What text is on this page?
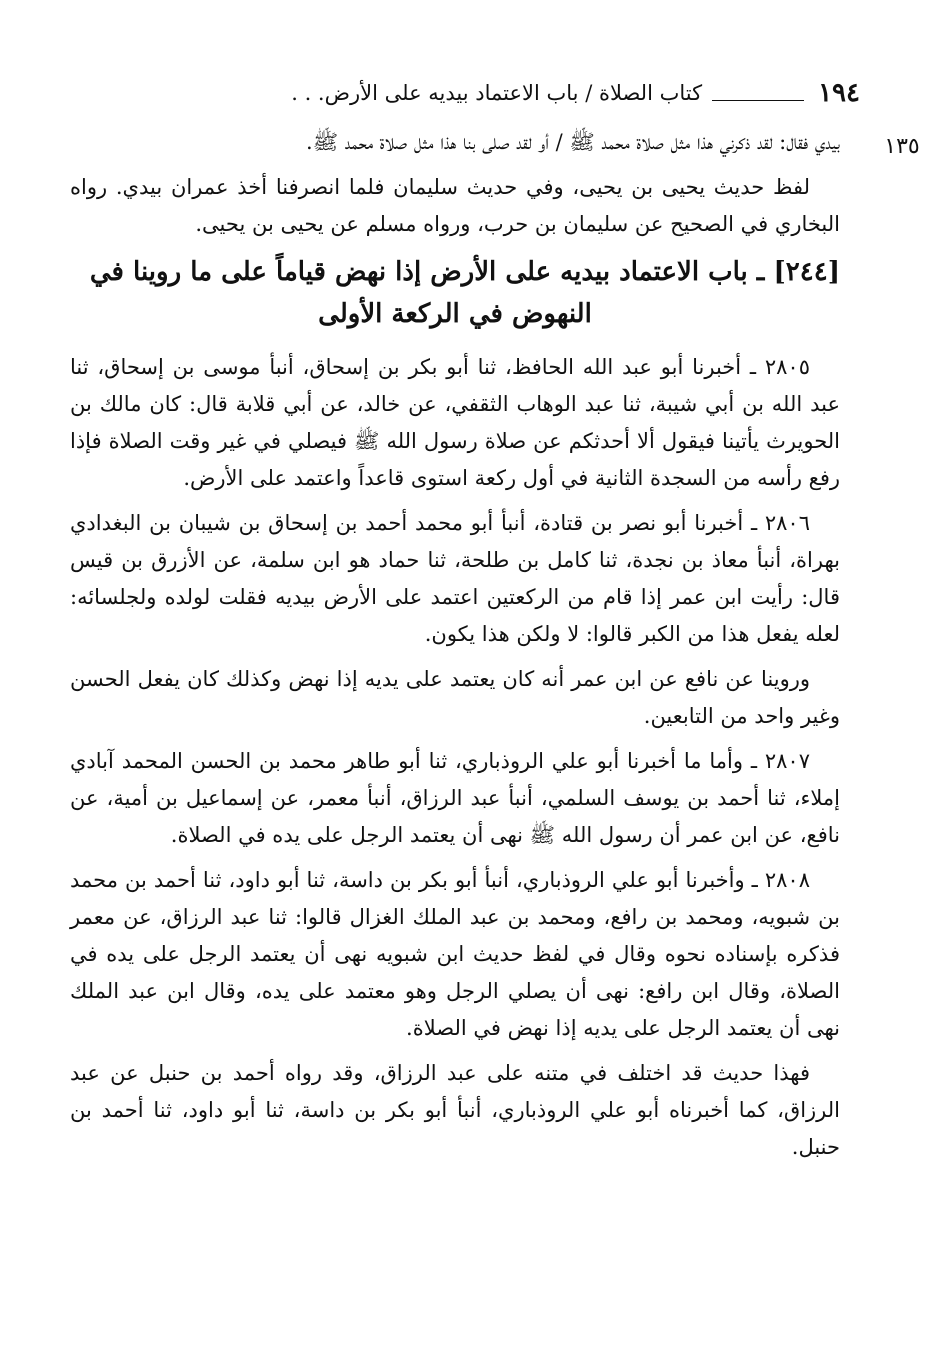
١٩٤
كتاب الصلاة / باب الاعتماد بيديه على الأرض. . .
١٣٥

بيدي فقال: لقد ذكرني هذا مثل صلاة محمد ﷺ / أو لقد صلى بنا هذا مثل صلاة محمد ﷺ.

لفظ حديث يحيى بن يحيى، وفي حديث سليمان فلما انصرفنا أخذ عمران بيدي. رواه البخاري في الصحيح عن سليمان بن حرب، ورواه مسلم عن يحيى بن يحيى.

[٢٤٤] ـ باب الاعتماد بيديه على الأرض إذا نهض قياماً على ما روينا في
النهوض في الركعة الأولى

٢٨٠٥ ـ أخبرنا أبو عبد الله الحافظ، ثنا أبو بكر بن إسحاق، أنبأ موسى بن إسحاق، ثنا عبد الله بن أبي شيبة، ثنا عبد الوهاب الثقفي، عن خالد، عن أبي قلابة قال: كان مالك بن الحويرث يأتينا فيقول ألا أحدثكم عن صلاة رسول الله ﷺ فيصلي في غير وقت الصلاة فإذا رفع رأسه من السجدة الثانية في أول ركعة استوى قاعداً واعتمد على الأرض.

٢٨٠٦ ـ أخبرنا أبو نصر بن قتادة، أنبأ أبو محمد أحمد بن إسحاق بن شيبان بن البغدادي بهراة، أنبأ معاذ بن نجدة، ثنا كامل بن طلحة، ثنا حماد هو ابن سلمة، عن الأزرق بن قيس قال: رأيت ابن عمر إذا قام من الركعتين اعتمد على الأرض بيديه فقلت لولده ولجلسائه: لعله يفعل هذا من الكبر قالوا: لا ولكن هذا يكون.

وروينا عن نافع عن ابن عمر أنه كان يعتمد على يديه إذا نهض وكذلك كان يفعل الحسن وغير واحد من التابعين.

٢٨٠٧ ـ وأما ما أخبرنا أبو علي الروذباري، ثنا أبو طاهر محمد بن الحسن المحمد آبادي إملاء، ثنا أحمد بن يوسف السلمي، أنبأ عبد الرزاق، أنبأ معمر، عن إسماعيل بن أمية، عن نافع، عن ابن عمر أن رسول الله ﷺ نهى أن يعتمد الرجل على يده في الصلاة.

٢٨٠٨ ـ وأخبرنا أبو علي الروذباري، أنبأ أبو بكر بن داسة، ثنا أبو داود، ثنا أحمد بن محمد بن شبويه، ومحمد بن رافع، ومحمد بن عبد الملك الغزال قالوا: ثنا عبد الرزاق، عن معمر فذكره بإسناده نحوه وقال في لفظ حديث ابن شبويه نهى أن يعتمد الرجل على يده في الصلاة، وقال ابن رافع: نهى أن يصلي الرجل وهو معتمد على يده، وقال ابن عبد الملك نهى أن يعتمد الرجل على يديه إذا نهض في الصلاة.

فهذا حديث قد اختلف في متنه على عبد الرزاق، وقد رواه أحمد بن حنبل عن عبد الرزاق، كما أخبرناه أبو علي الروذباري، أنبأ أبو بكر بن داسة، ثنا أبو داود، ثنا أحمد بن حنبل.
